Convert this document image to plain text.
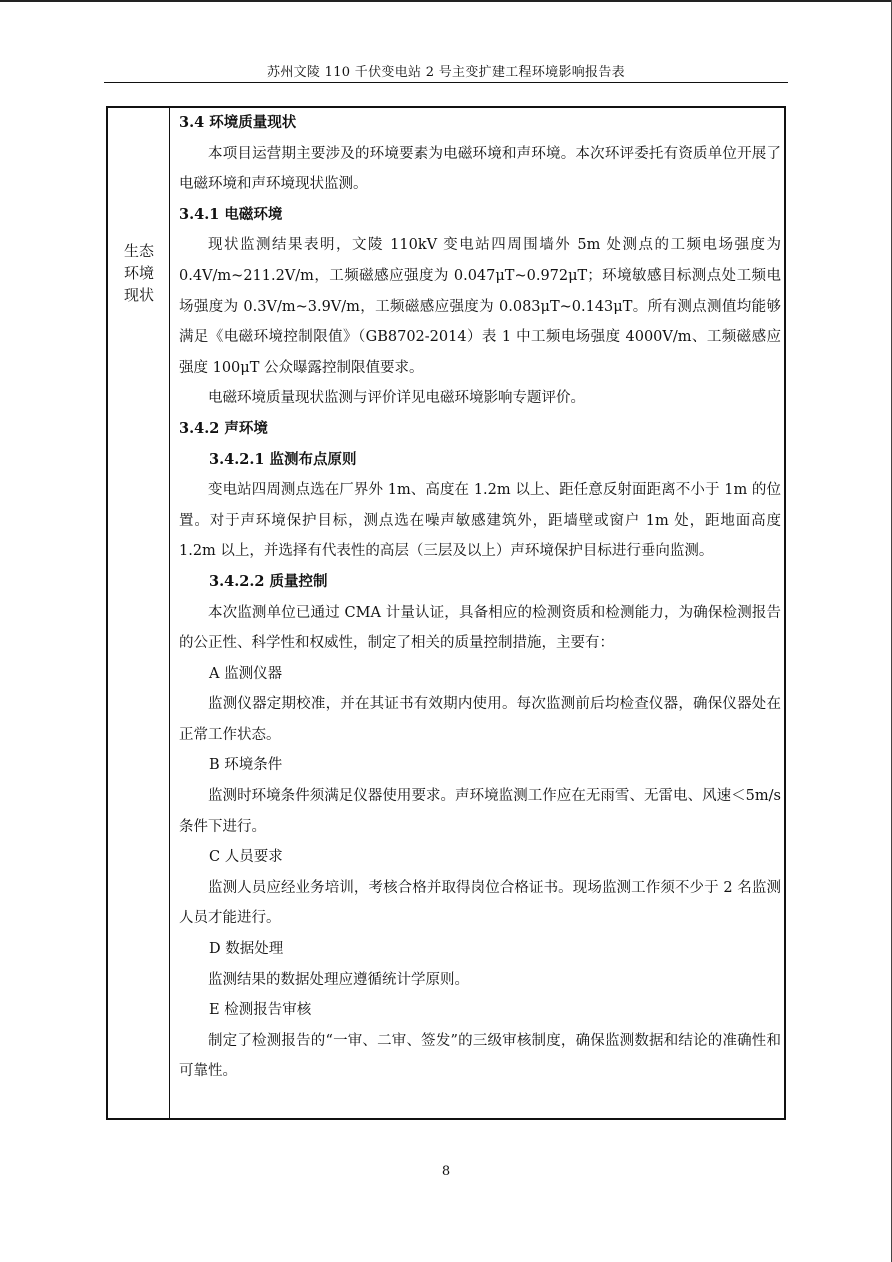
苏州文陵 110 千伏变电站 2 号主变扩建工程环境影响报告表
生态
环境
现状

3.4 环境质量现状

本项目运营期主要涉及的环境要素为电磁环境和声环境。本次环评委托有资质单位开展了电磁环境和声环境现状监测。

3.4.1 电磁环境

现状监测结果表明，文陵 110kV 变电站四周围墙外 5m 处测点的工频电场强度为 0.4V/m~211.2V/m，工频磁感应强度为 0.047μT~0.972μT；环境敏感目标测点处工频电场强度为 0.3V/m~3.9V/m，工频磁感应强度为 0.083μT~0.143μT。所有测点测值均能够满足《电磁环境控制限值》（GB8702-2014）表 1 中工频电场强度 4000V/m、工频磁感应强度 100μT 公众曝露控制限值要求。

电磁环境质量现状监测与评价详见电磁环境影响专题评价。

3.4.2 声环境

3.4.2.1 监测布点原则

变电站四周测点选在厂界外 1m、高度在 1.2m 以上、距任意反射面距离不小于 1m 的位置。对于声环境保护目标，测点选在噪声敏感建筑外，距墙壁或窗户 1m 处，距地面高度 1.2m 以上，并选择有代表性的高层（三层及以上）声环境保护目标进行垂向监测。

3.4.2.2 质量控制

本次监测单位已通过 CMA 计量认证，具备相应的检测资质和检测能力，为确保检测报告的公正性、科学性和权威性，制定了相关的质量控制措施，主要有：

A 监测仪器

监测仪器定期校准，并在其证书有效期内使用。每次监测前后均检查仪器，确保仪器处在正常工作状态。

B 环境条件

监测时环境条件须满足仪器使用要求。声环境监测工作应在无雨雪、无雷电、风速＜5m/s 条件下进行。

C 人员要求

监测人员应经业务培训，考核合格并取得岗位合格证书。现场监测工作须不少于 2 名监测人员才能进行。

D 数据处理

监测结果的数据处理应遵循统计学原则。

E 检测报告审核

制定了检测报告的“一审、二审、签发”的三级审核制度，确保监测数据和结论的准确性和可靠性。

8
